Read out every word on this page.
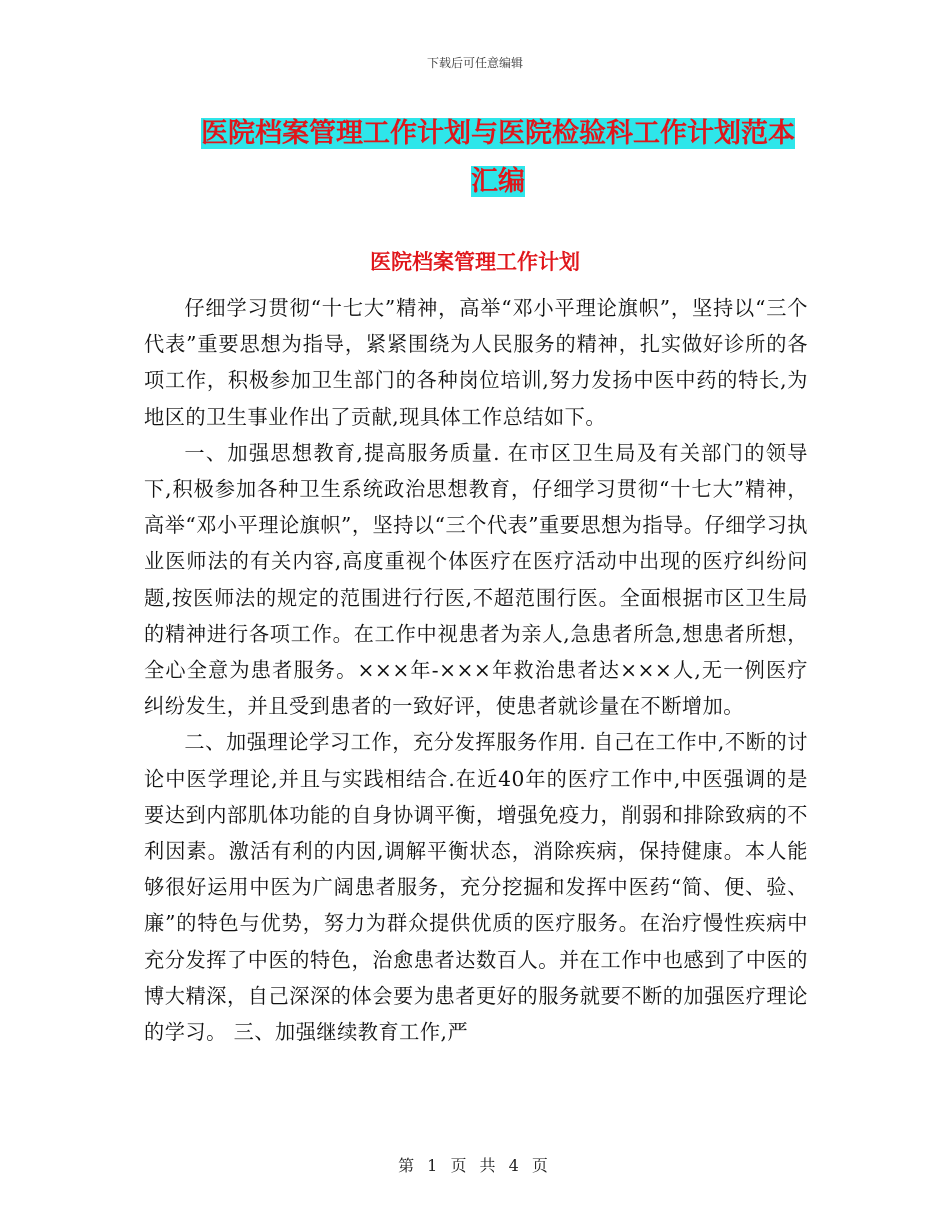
下载后可任意编辑
医院档案管理工作计划与医院检验科工作计划范本汇编
医院档案管理工作计划

仔细学习贯彻“十七大”精神，高举“邓小平理论旗帜”，坚持以“三个代表”重要思想为指导，紧紧围绕为人民服务的精神，扎实做好诊所的各项工作，积极参加卫生部门的各种岗位培训,努力发扬中医中药的特长,为地区的卫生事业作出了贡献,现具体工作总结如下。

一、加强思想教育,提高服务质量. 在市区卫生局及有关部门的领导下,积极参加各种卫生系统政治思想教育，仔细学习贯彻“十七大”精神，高举“邓小平理论旗帜”，坚持以“三个代表”重要思想为指导。仔细学习执业医师法的有关内容,高度重视个体医疗在医疗活动中出现的医疗纠纷问题,按医师法的规定的范围进行行医,不超范围行医。全面根据市区卫生局的精神进行各项工作。在工作中视患者为亲人,急患者所急,想患者所想，全心全意为患者服务。×××年-×××年救治患者达×××人,无一例医疗纠纷发生，并且受到患者的一致好评，使患者就诊量在不断增加。

二、加强理论学习工作，充分发挥服务作用. 自己在工作中,不断的讨论中医学理论,并且与实践相结合.在近40年的医疗工作中,中医强调的是要达到内部肌体功能的自身协调平衡，增强免疫力，削弱和排除致病的不利因素。激活有利的内因,调解平衡状态，消除疾病，保持健康。本人能够很好运用中医为广阔患者服务，充分挖掘和发挥中医药“简、便、验、廉”的特色与优势，努力为群众提供优质的医疗服务。在治疗慢性疾病中充分发挥了中医的特色，治愈患者达数百人。并在工作中也感到了中医的博大精深，自己深深的体会要为患者更好的服务就要不断的加强医疗理论的学习。 三、加强继续教育工作,严

第 1 页 共 4 页
